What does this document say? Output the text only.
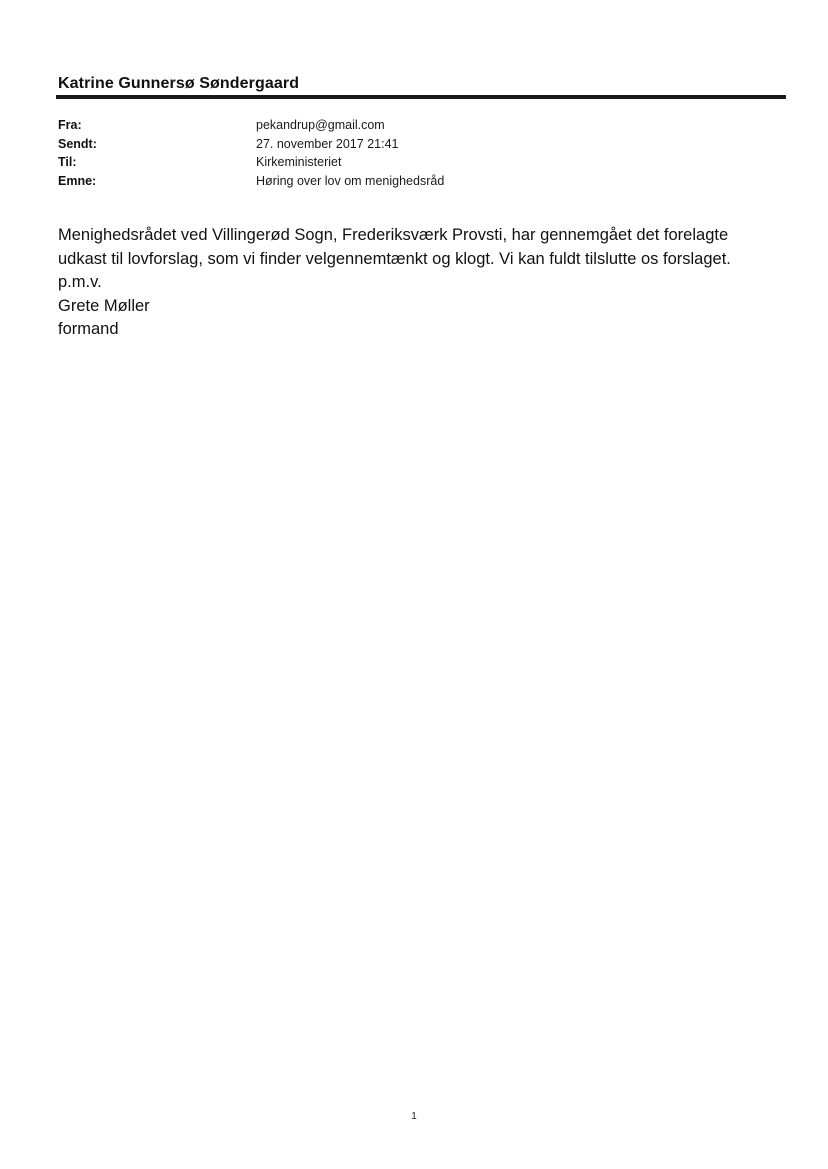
Katrine Gunnersø Søndergaard
Fra:	pekandrup@gmail.com
Sendt:	27. november 2017 21:41
Til:	Kirkeministeriet
Emne:	Høring over lov om menighedsråd

Menighedsrådet ved Villingerød Sogn, Frederiksværk Provsti, har gennemgået det forelagte

udkast til lovforslag, som vi finder velgennemtænkt og klogt. Vi kan fuldt tilslutte os forslaget.

p.m.v.

Grete Møller

formand

1
